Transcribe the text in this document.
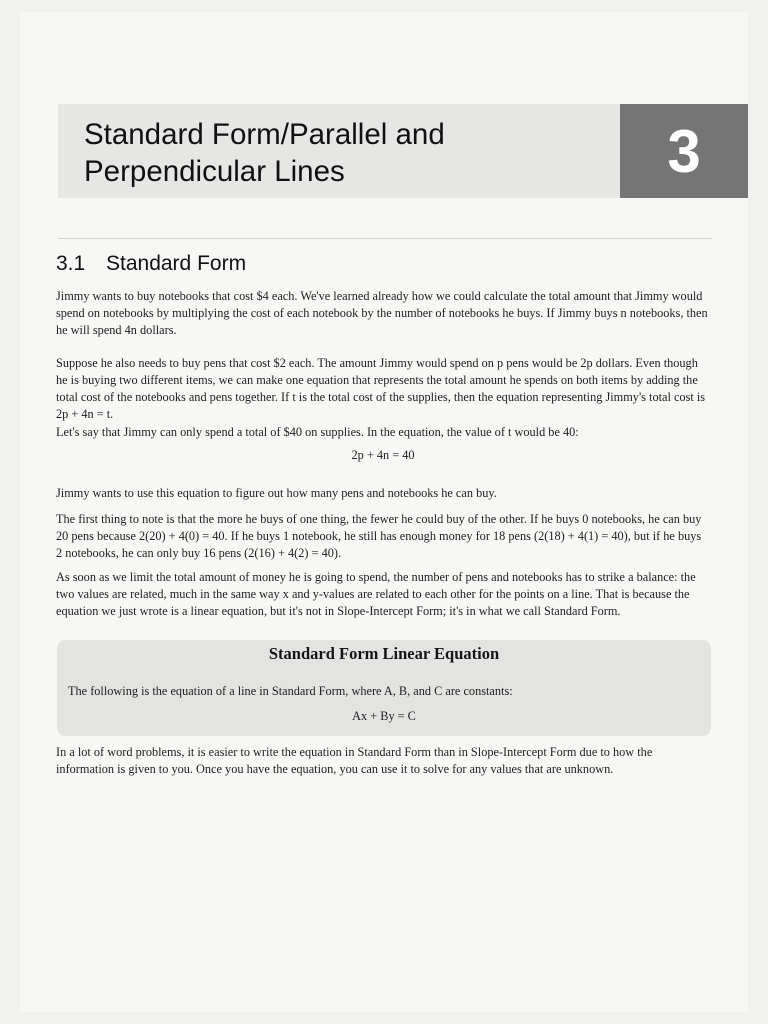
Standard Form/Parallel and Perpendicular Lines	3
3.1 Standard Form

Jimmy wants to buy notebooks that cost $4 each. We've learned already how we could calculate the total amount that Jimmy would spend on notebooks by multiplying the cost of each notebook by the number of notebooks he buys. If Jimmy buys n notebooks, then he will spend 4n dollars.

Suppose he also needs to buy pens that cost $2 each. The amount Jimmy would spend on p pens would be 2p dollars. Even though he is buying two different items, we can make one equation that represents the total amount he spends on both items by adding the total cost of the notebooks and pens together. If t is the total cost of the supplies, then the equation representing Jimmy's total cost is 2p + 4n = t.

Let's say that Jimmy can only spend a total of $40 on supplies. In the equation, the value of t would be 40:

2p + 4n = 40

Jimmy wants to use this equation to figure out how many pens and notebooks he can buy.

The first thing to note is that the more he buys of one thing, the fewer he could buy of the other. If he buys 0 notebooks, he can buy 20 pens because 2(20) + 4(0) = 40. If he buys 1 notebook, he still has enough money for 18 pens (2(18) + 4(1) = 40), but if he buys 2 notebooks, he can only buy 16 pens (2(16) + 4(2) = 40).

As soon as we limit the total amount of money he is going to spend, the number of pens and notebooks has to strike a balance: the two values are related, much in the same way x and y-values are related to each other for the points on a line. That is because the equation we just wrote is a linear equation, but it's not in Slope-Intercept Form; it's in what we call Standard Form.

Standard Form Linear Equation
The following is the equation of a line in Standard Form, where A, B, and C are constants:
Ax + By = C

In a lot of word problems, it is easier to write the equation in Standard Form than in Slope-Intercept Form due to how the information is given to you. Once you have the equation, you can use it to solve for any values that are unknown.
